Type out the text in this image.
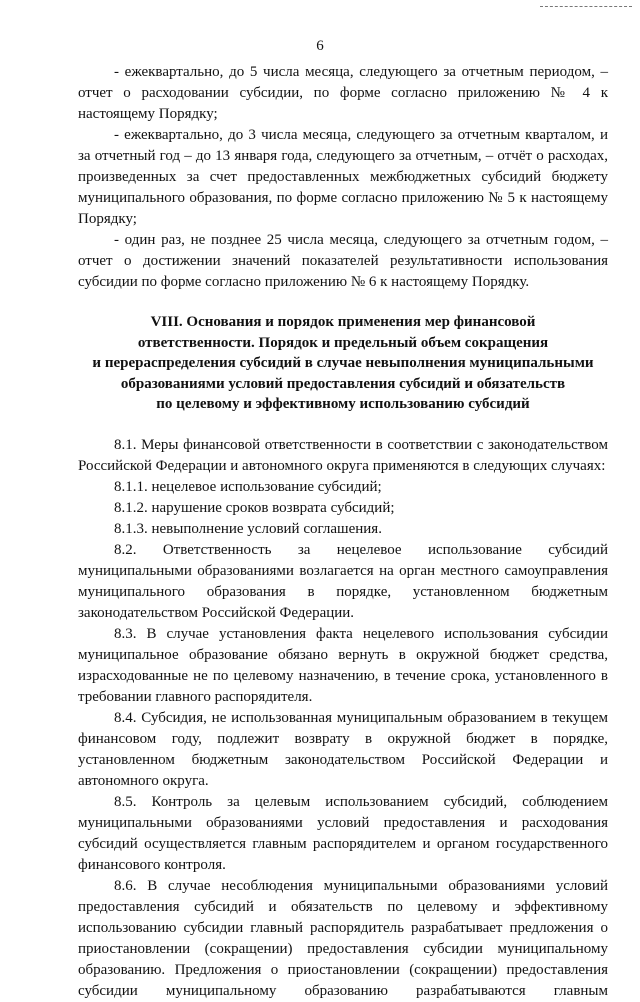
6

- ежеквартально, до 5 числа месяца, следующего за отчетным периодом, – отчет о расходовании субсидии, по форме согласно приложению № 4 к настоящему Порядку;

- ежеквартально, до 3 числа месяца, следующего за отчетным кварталом, и за отчетный год – до 13 января года, следующего за отчетным, – отчёт о расходах, произведенных за счет предоставленных межбюджетных субсидий бюджету муниципального образования, по форме согласно приложению № 5 к настоящему Порядку;

- один раз, не позднее 25 числа месяца, следующего за отчетным годом, – отчет о достижении значений показателей результативности использования субсидии по форме согласно приложению № 6 к настоящему Порядку.

VIII. Основания и порядок применения мер финансовой
ответственности. Порядок и предельный объем сокращения
и перераспределения субсидий в случае невыполнения муниципальными
образованиями условий предоставления субсидий и обязательств
по целевому и эффективному использованию субсидий

8.1. Меры финансовой ответственности в соответствии с законодательством Российской Федерации и автономного округа применяются в следующих случаях:

8.1.1. нецелевое использование субсидий;

8.1.2. нарушение сроков возврата субсидий;

8.1.3. невыполнение условий соглашения.

8.2. Ответственность за нецелевое использование субсидий муниципальными образованиями возлагается на орган местного самоуправления муниципального образования в порядке, установленном бюджетным законодательством Российской Федерации.

8.3. В случае установления факта нецелевого использования субсидии муниципальное образование обязано вернуть в окружной бюджет средства, израсходованные не по целевому назначению, в течение срока, установленного в требовании главного распорядителя.

8.4. Субсидия, не использованная муниципальным образованием в текущем финансовом году, подлежит возврату в окружной бюджет в порядке, установленном бюджетным законодательством Российской Федерации и автономного округа.

8.5. Контроль за целевым использованием субсидий, соблюдением муниципальными образованиями условий предоставления и расходования субсидий осуществляется главным распорядителем и органом государственного финансового контроля.

8.6. В случае несоблюдения муниципальными образованиями условий предоставления субсидий и обязательств по целевому и эффективному использованию субсидии главный распорядитель разрабатывает предложения о приостановлении (сокращении) предоставления субсидии муниципальному образованию. Предложения о приостановлении (сокращении) предоставления субсидии муниципальному образованию разрабатываются главным
